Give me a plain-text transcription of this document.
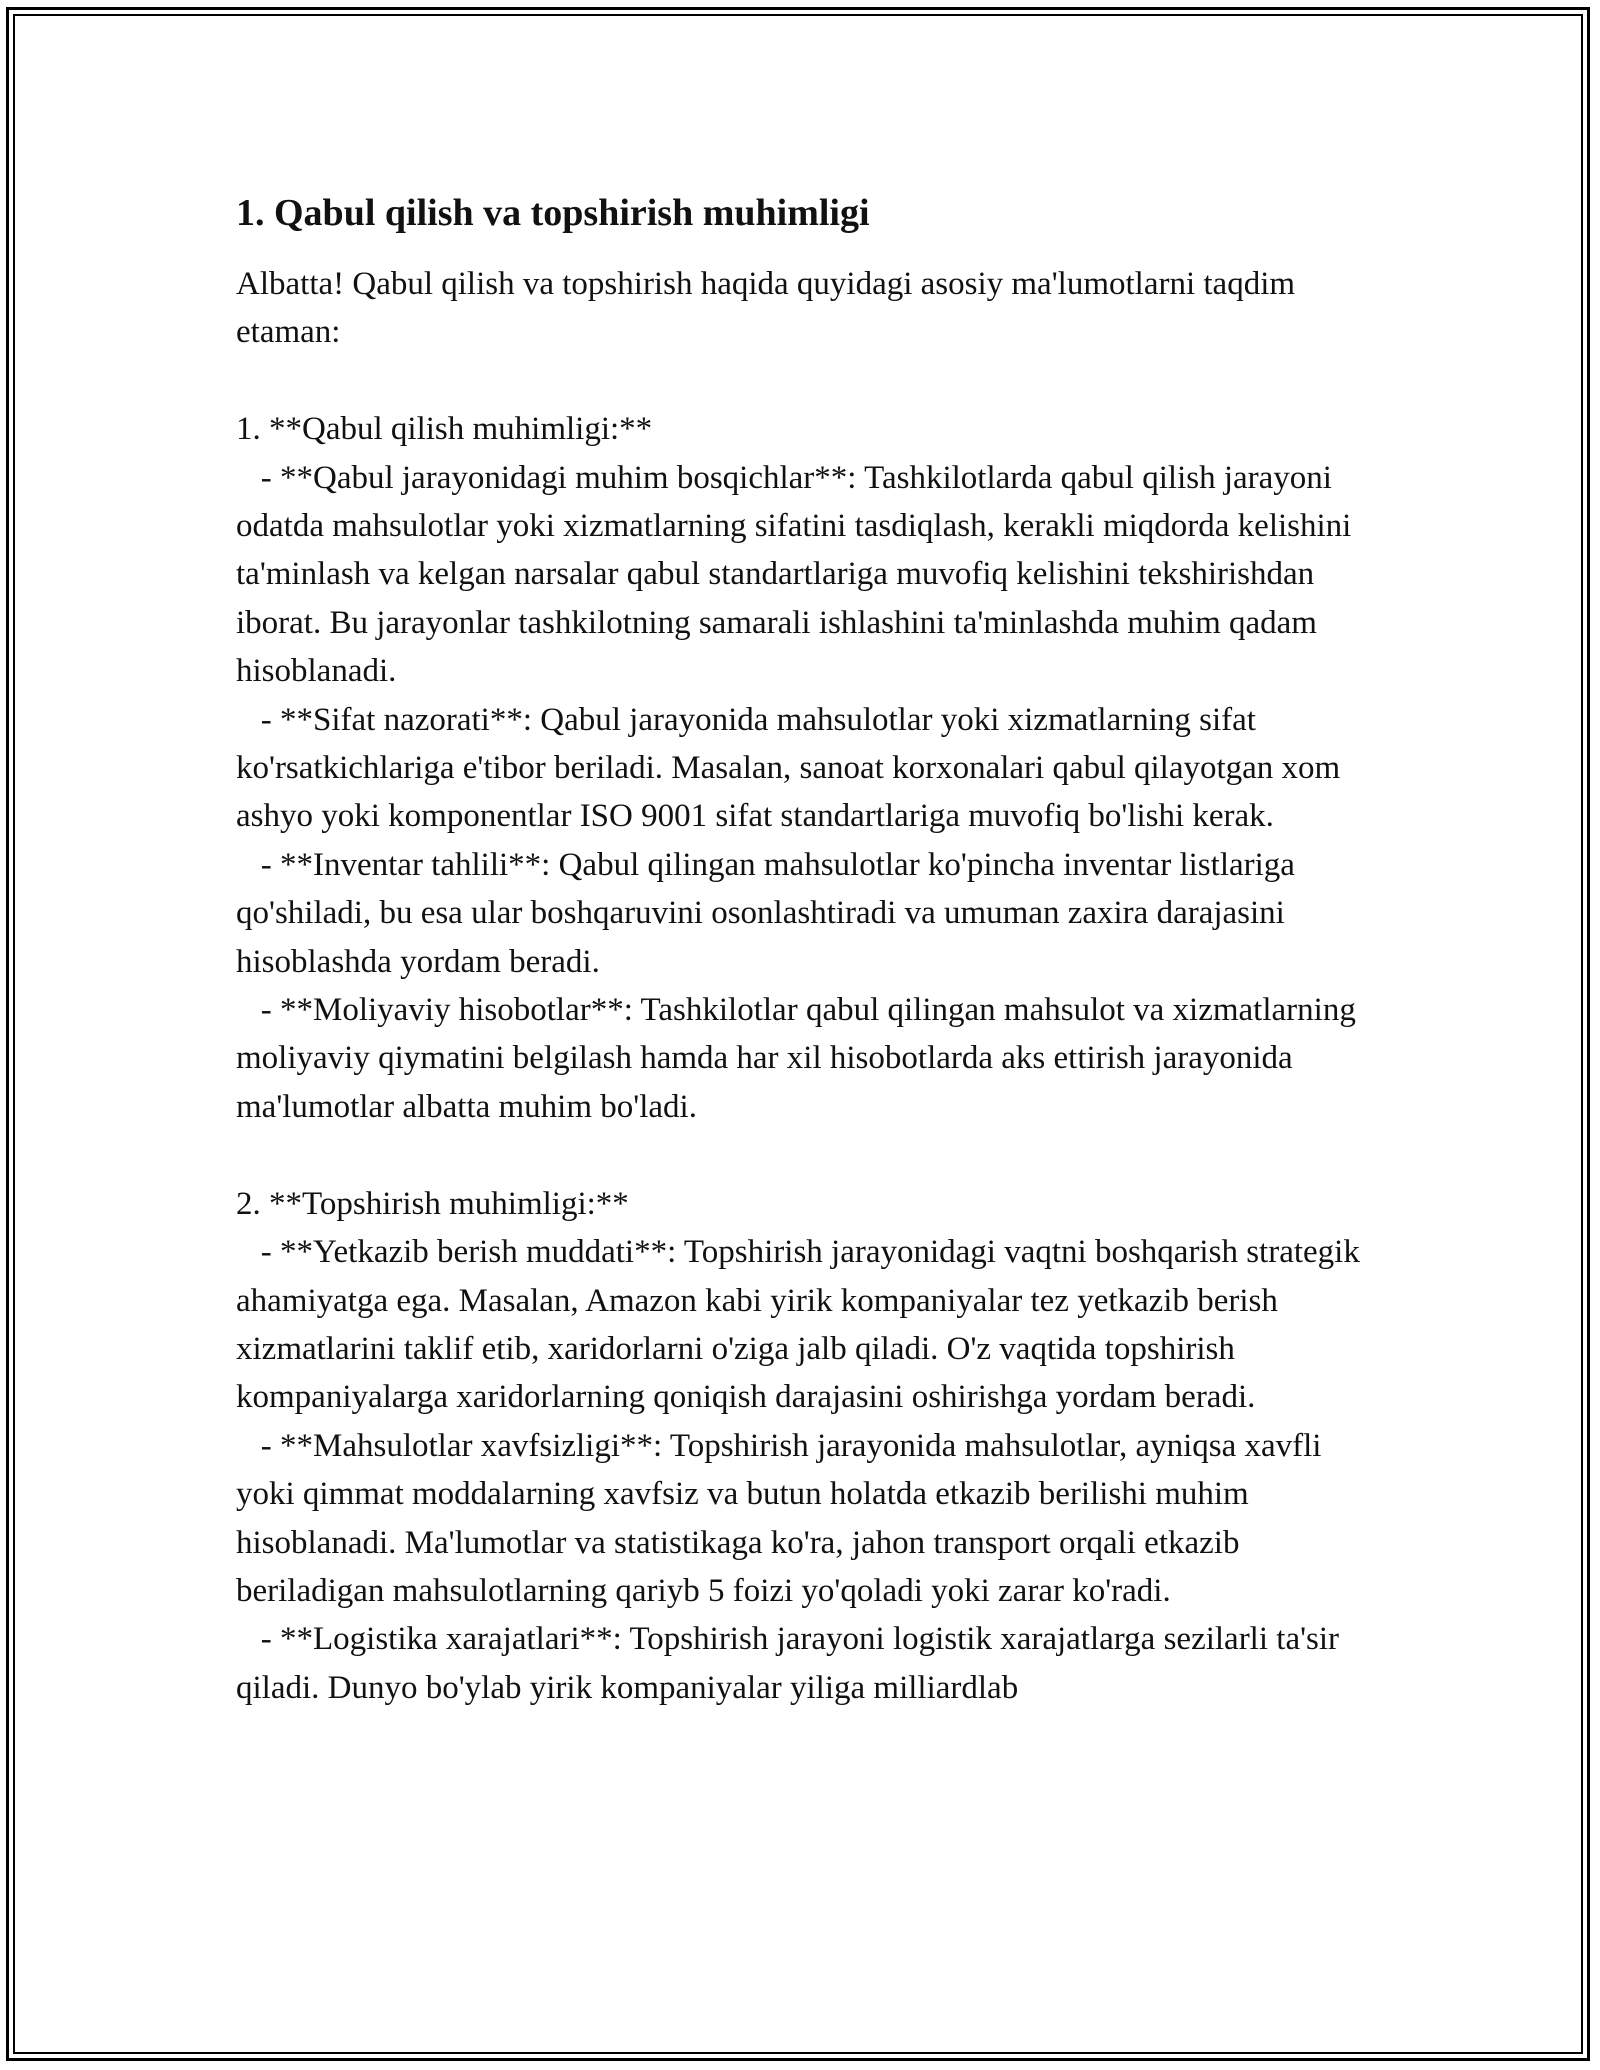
1. Qabul qilish va topshirish muhimligi

Albatta! Qabul qilish va topshirish haqida quyidagi asosiy ma'lumotlarni taqdim etaman:

1. **Qabul qilish muhimligi:**

- **Qabul jarayonidagi muhim bosqichlar**: Tashkilotlarda qabul qilish jarayoni odatda mahsulotlar yoki xizmatlarning sifatini tasdiqlash, kerakli miqdorda kelishini ta'minlash va kelgan narsalar qabul standartlariga muvofiq kelishini tekshirishdan iborat. Bu jarayonlar tashkilotning samarali ishlashini ta'minlashda muhim qadam hisoblanadi.

- **Sifat nazorati**: Qabul jarayonida mahsulotlar yoki xizmatlarning sifat ko'rsatkichlariga e'tibor beriladi. Masalan, sanoat korxonalari qabul qilayotgan xom ashyo yoki komponentlar ISO 9001 sifat standartlariga muvofiq bo'lishi kerak.

- **Inventar tahlili**: Qabul qilingan mahsulotlar ko'pincha inventar listlariga qo'shiladi, bu esa ular boshqaruvini osonlashtiradi va umuman zaxira darajasini hisoblashda yordam beradi.

- **Moliyaviy hisobotlar**: Tashkilotlar qabul qilingan mahsulot va xizmatlarning moliyaviy qiymatini belgilash hamda har xil hisobotlarda aks ettirish jarayonida ma'lumotlar albatta muhim bo'ladi.

2. **Topshirish muhimligi:**

- **Yetkazib berish muddati**: Topshirish jarayonidagi vaqtni boshqarish strategik ahamiyatga ega. Masalan, Amazon kabi yirik kompaniyalar tez yetkazib berish xizmatlarini taklif etib, xaridorlarni o'ziga jalb qiladi. O'z vaqtida topshirish kompaniyalarga xaridorlarning qoniqish darajasini oshirishga yordam beradi.

- **Mahsulotlar xavfsizligi**: Topshirish jarayonida mahsulotlar, ayniqsa xavfli yoki qimmat moddalarning xavfsiz va butun holatda etkazib berilishi muhim hisoblanadi. Ma'lumotlar va statistikaga ko'ra, jahon transport orqali etkazib beriladigan mahsulotlarning qariyb 5 foizi yo'qoladi yoki zarar ko'radi.

- **Logistika xarajatlari**: Topshirish jarayoni logistik xarajatlarga sezilarli ta'sir qiladi. Dunyo bo'ylab yirik kompaniyalar yiliga milliardlab
